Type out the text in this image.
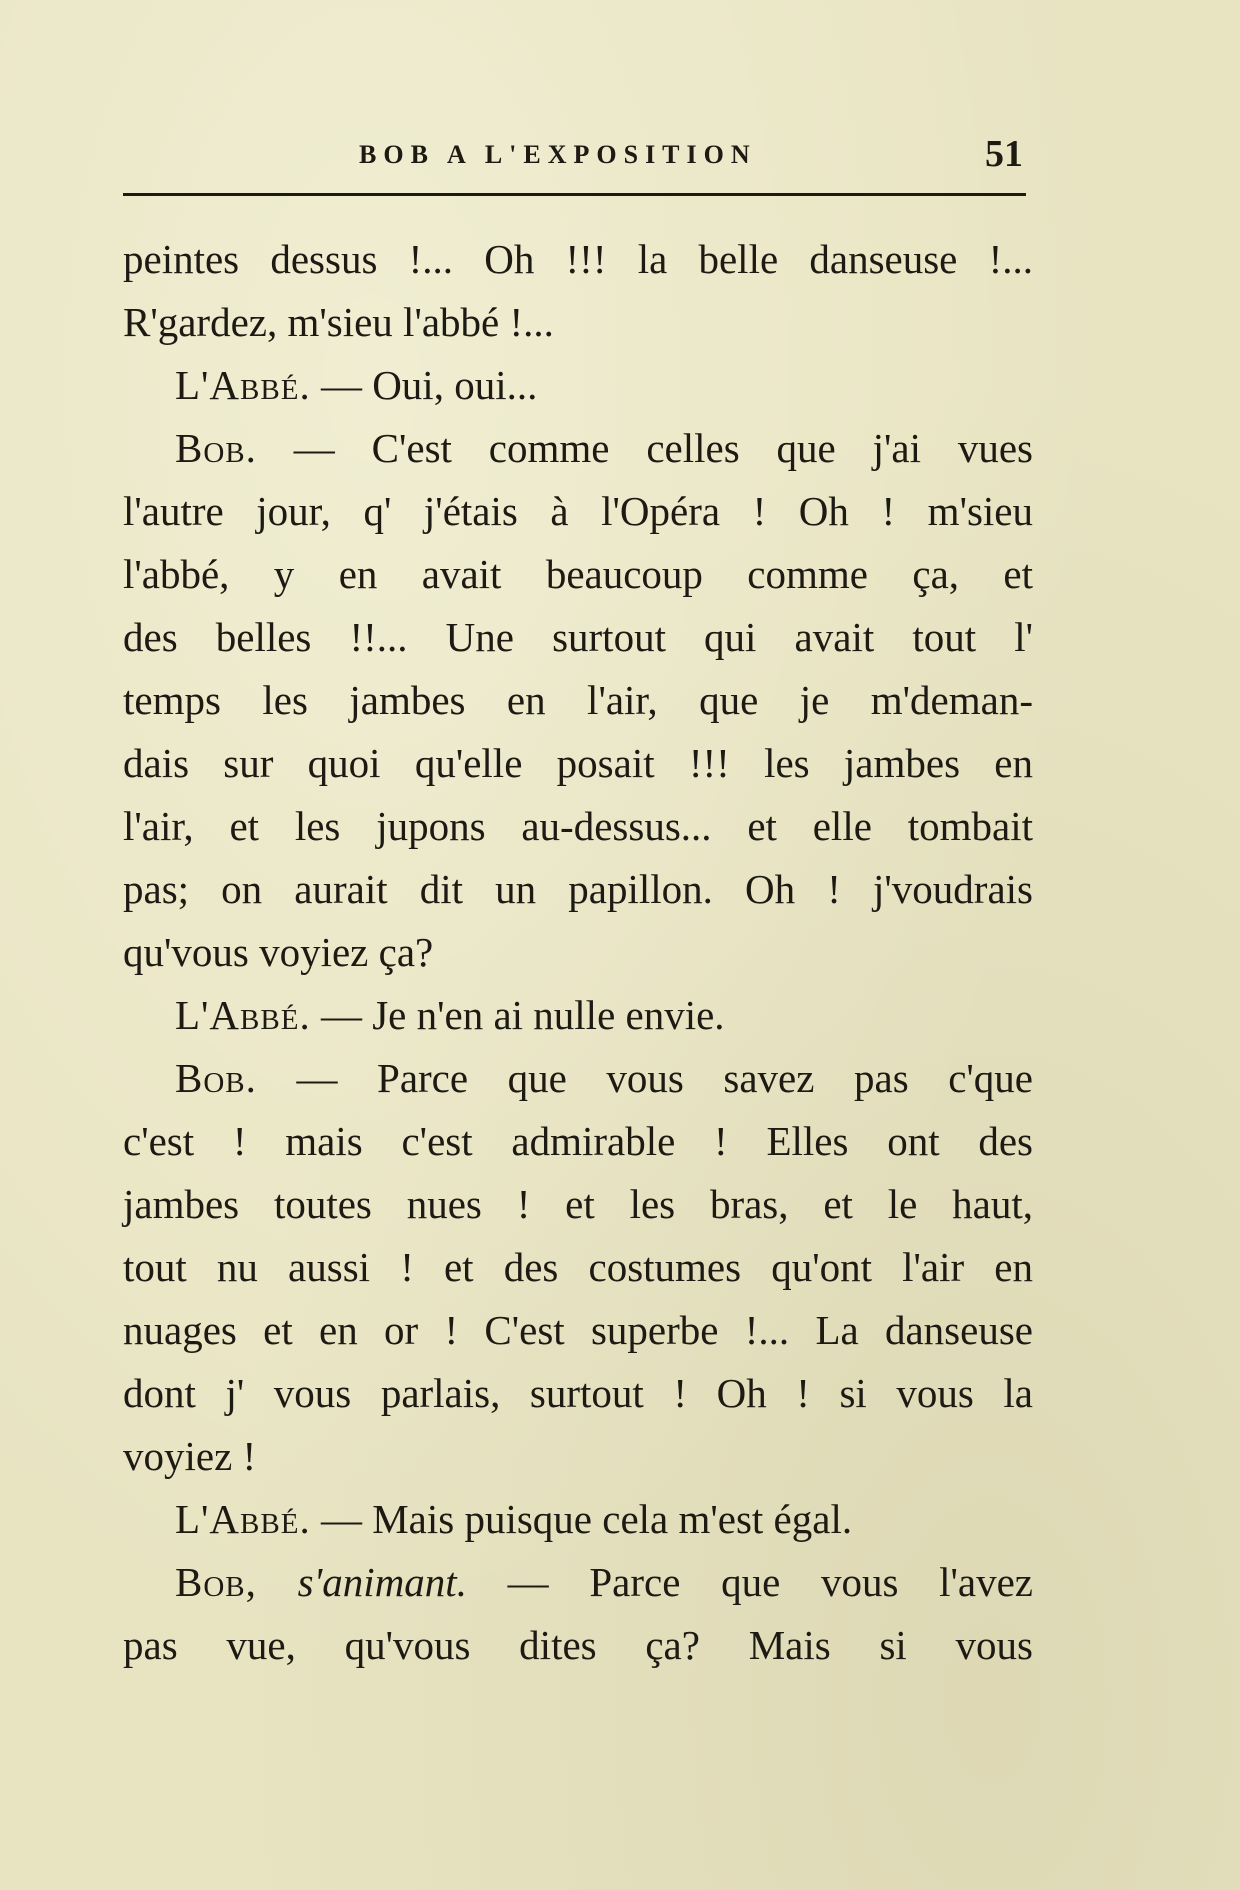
BOB A L'EXPOSITION	51
peintes dessus !... Oh !!! la belle danseuse !...
R'gardez, m'sieu l'abbé !...
L'Abbé. — Oui, oui...
Bob. — C'est comme celles que j'ai vues
l'autre jour, q' j'étais à l'Opéra ! Oh ! m'sieu
l'abbé, y en avait beaucoup comme ça, et
des belles !!... Une surtout qui avait tout l'
temps les jambes en l'air, que je m'deman-
dais sur quoi qu'elle posait !!! les jambes en
l'air, et les jupons au-dessus... et elle tombait
pas; on aurait dit un papillon. Oh ! j'voudrais
qu'vous voyiez ça?
L'Abbé. — Je n'en ai nulle envie.
Bob. — Parce que vous savez pas c'que
c'est ! mais c'est admirable ! Elles ont des
jambes toutes nues ! et les bras, et le haut,
tout nu aussi ! et des costumes qu'ont l'air en
nuages et en or ! C'est superbe !... La danseuse
dont j' vous parlais, surtout ! Oh ! si vous la
voyiez !
L'Abbé. — Mais puisque cela m'est égal.
Bob, s'animant. — Parce que vous l'avez
pas vue, qu'vous dites ça? Mais si vous
